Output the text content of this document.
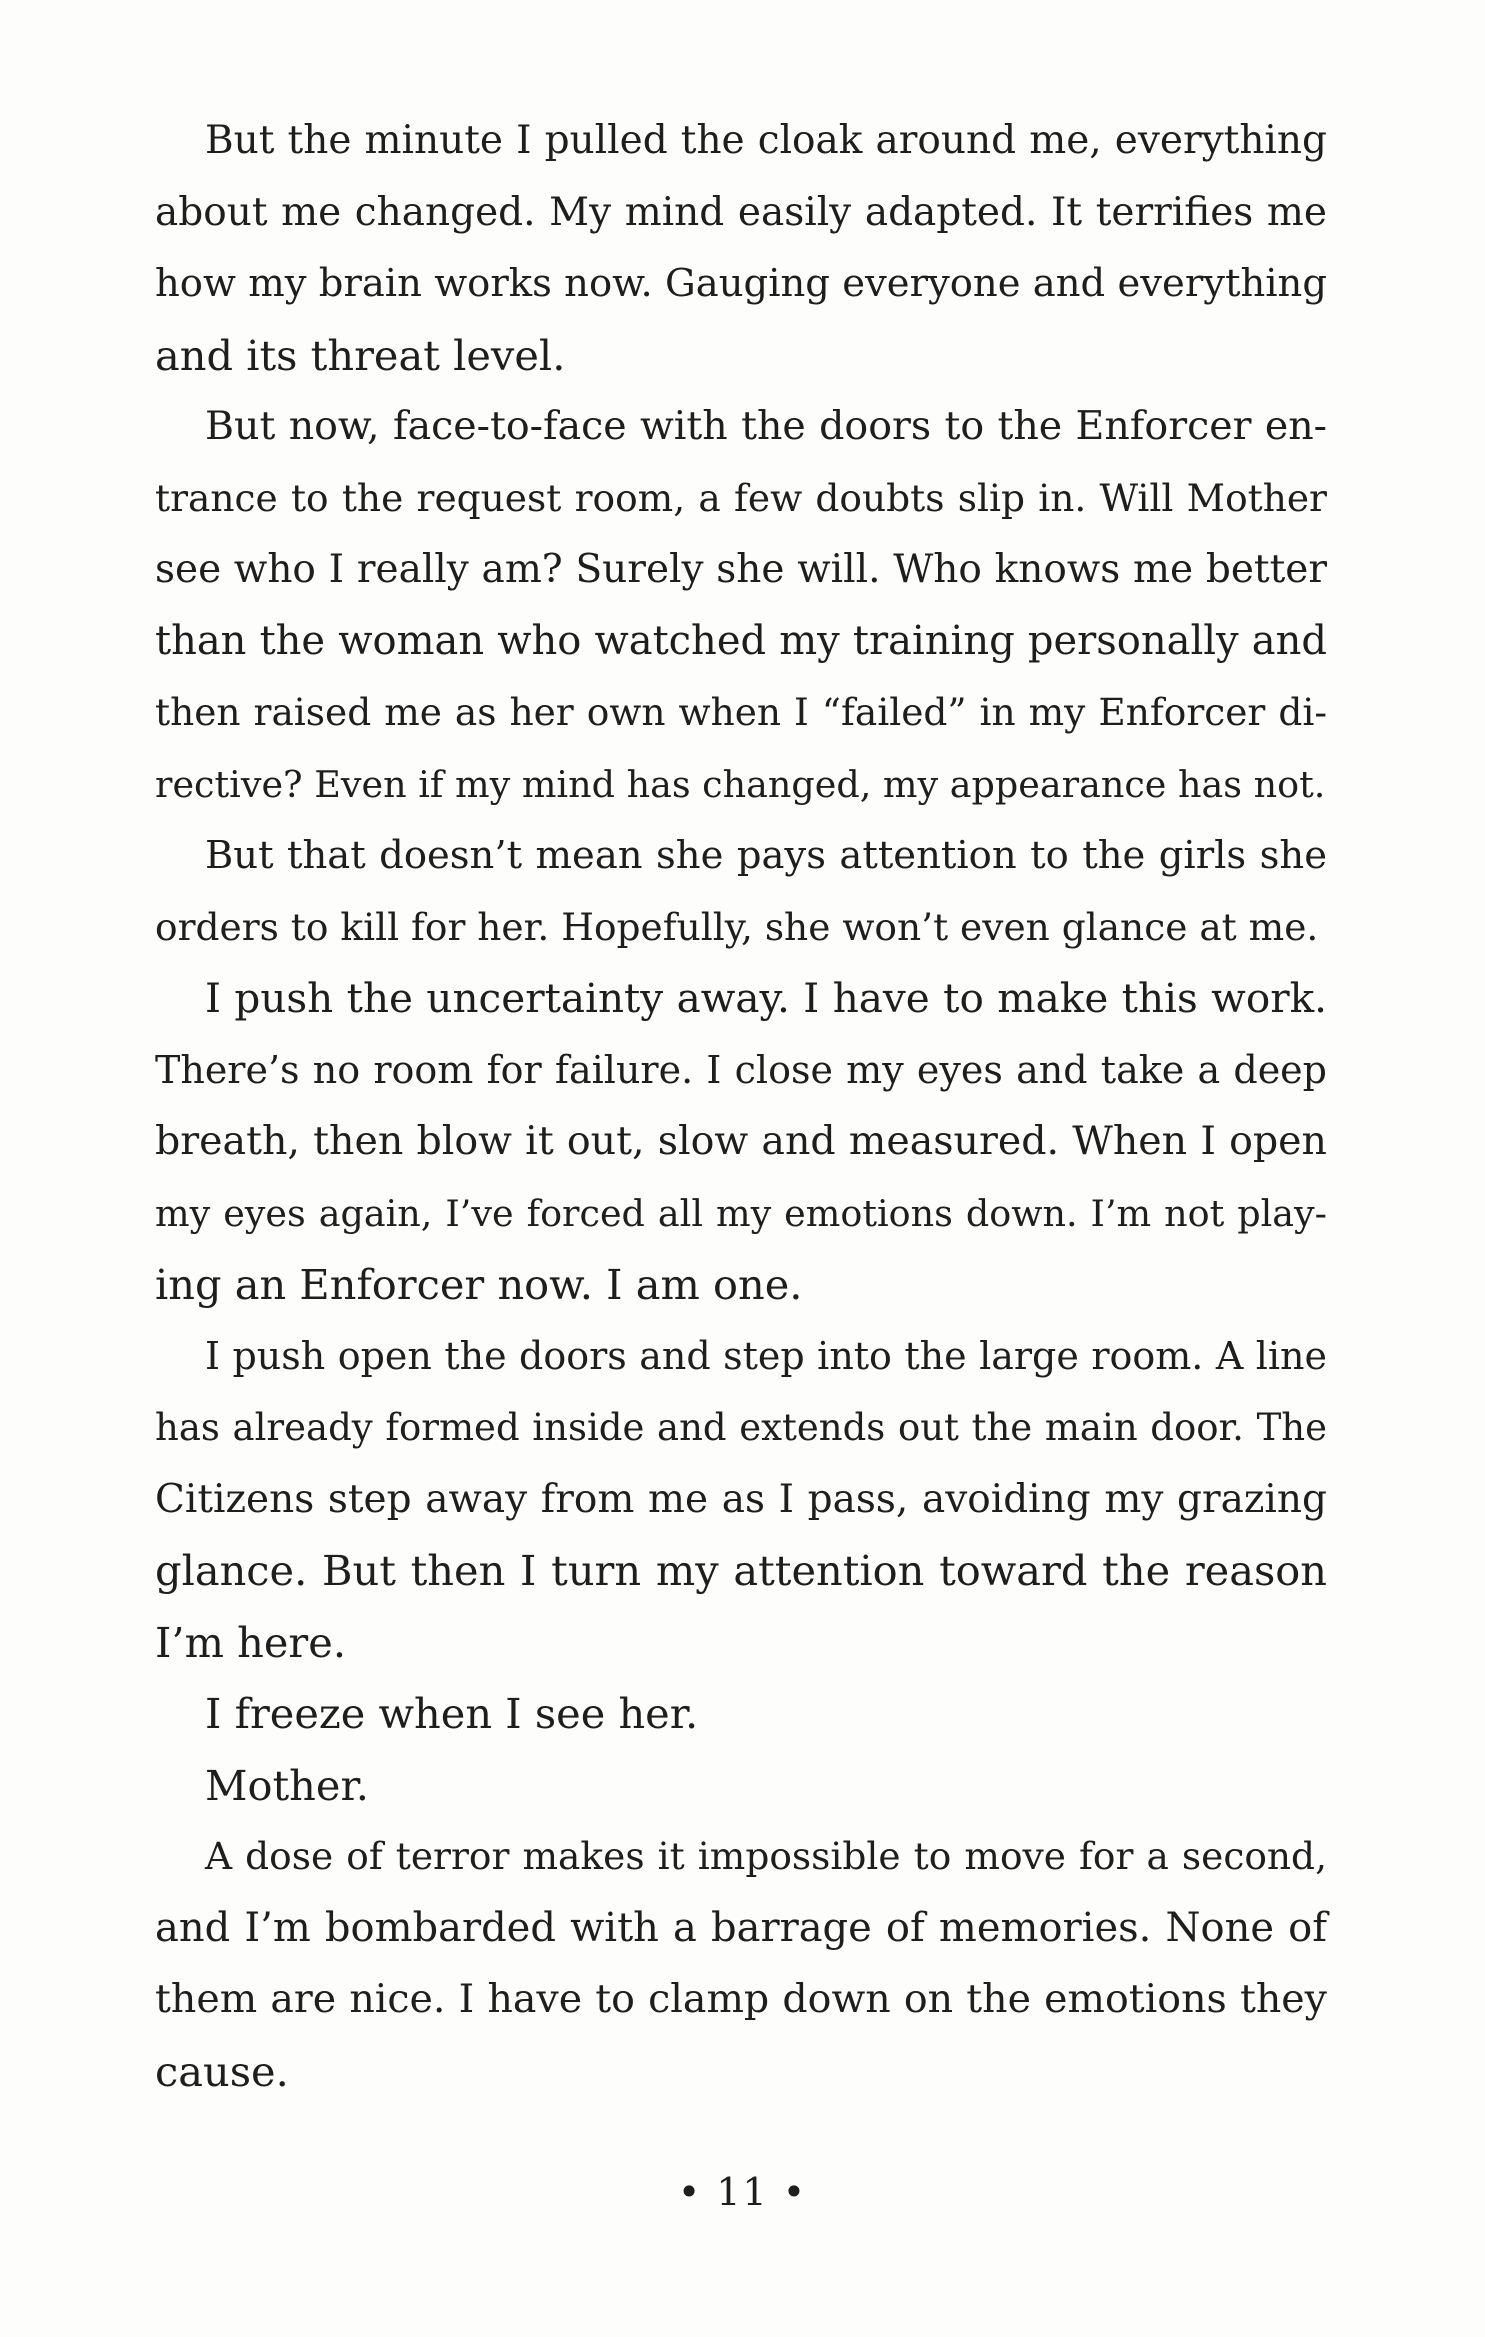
But the minute I pulled the cloak around me, everything
about me changed. My mind easily adapted. It terrifies me
how my brain works now. Gauging everyone and everything
and its threat level.
But now, face-to-face with the doors to the Enforcer en-
trance to the request room, a few doubts slip in. Will Mother
see who I really am? Surely she will. Who knows me better
than the woman who watched my training personally and
then raised me as her own when I “failed” in my Enforcer di-
rective? Even if my mind has changed, my appearance has not.
But that doesn’t mean she pays attention to the girls she
orders to kill for her. Hopefully, she won’t even glance at me.
I push the uncertainty away. I have to make this work.
There’s no room for failure. I close my eyes and take a deep
breath, then blow it out, slow and measured. When I open
my eyes again, I’ve forced all my emotions down. I’m not play-
ing an Enforcer now. I am one.
I push open the doors and step into the large room. A line
has already formed inside and extends out the main door. The
Citizens step away from me as I pass, avoiding my grazing
glance. But then I turn my attention toward the reason
I’m here.
I freeze when I see her.
Mother.
A dose of terror makes it impossible to move for a second,
and I’m bombarded with a barrage of memories. None of
them are nice. I have to clamp down on the emotions they
cause.
• 11 •
